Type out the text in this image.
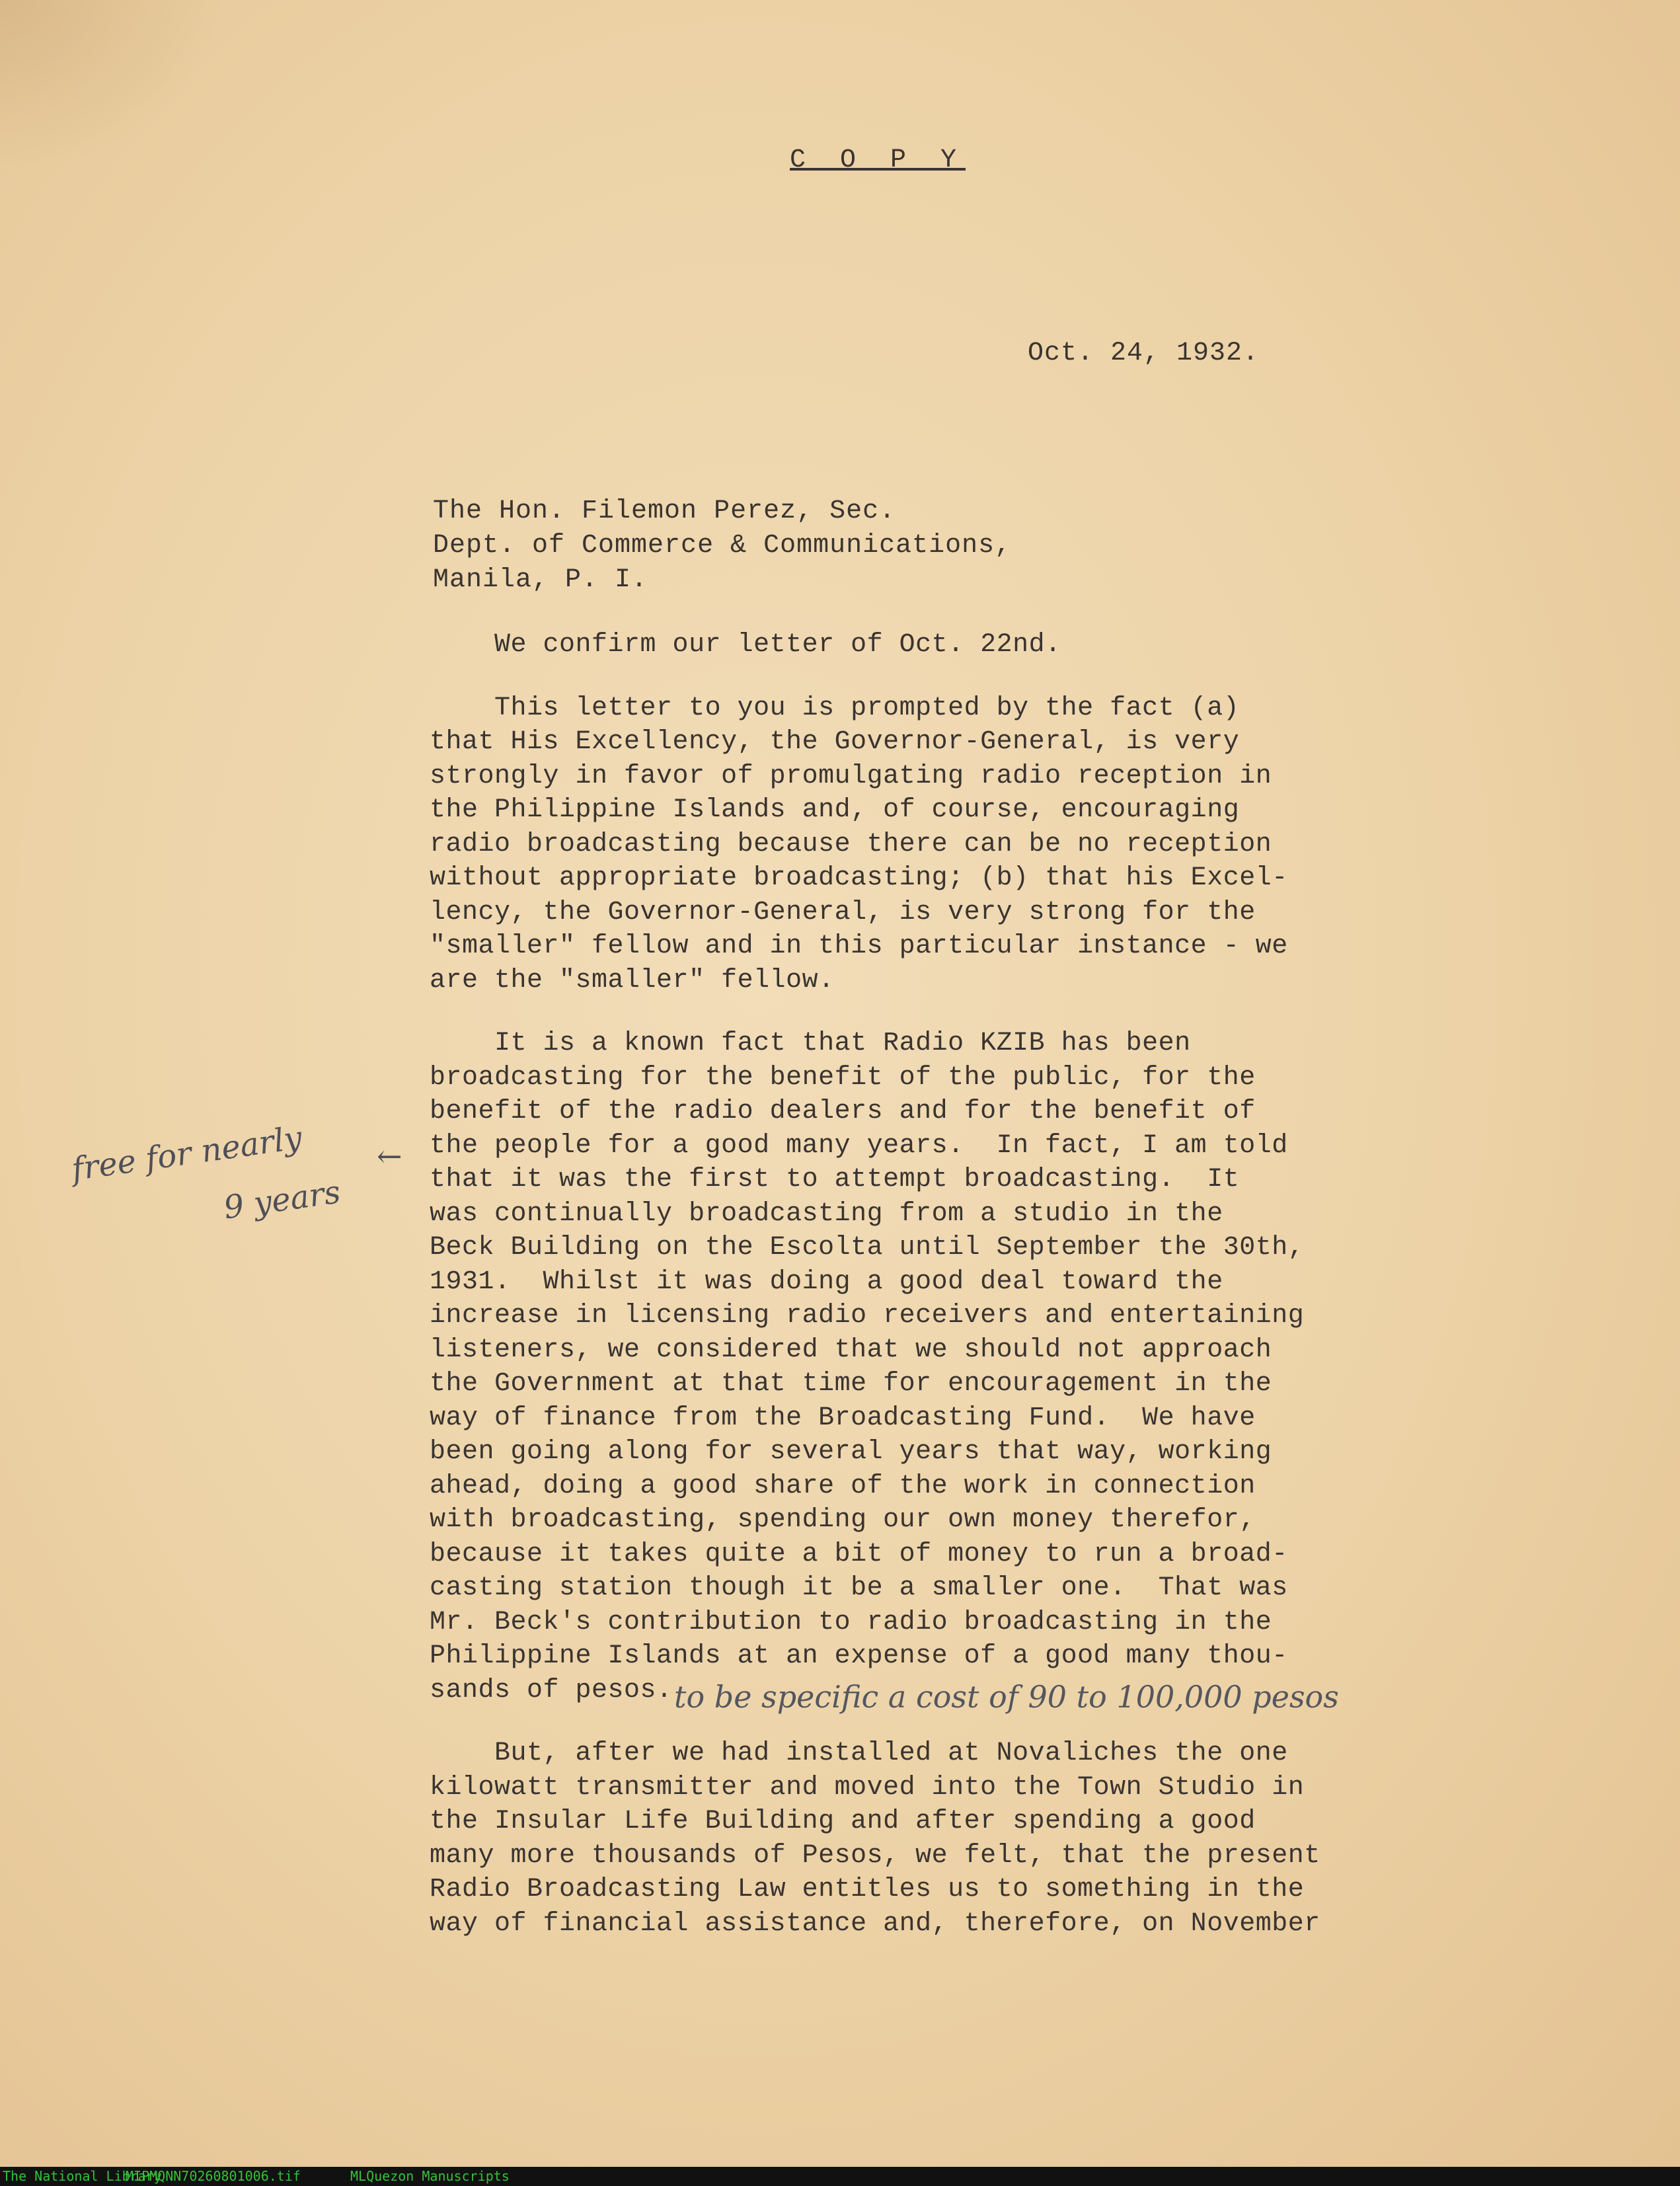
C O P Y
Oct. 24, 1932.
The Hon. Filemon Perez, Sec.
Dept. of Commerce & Communications,
Manila, P. I.

We confirm our letter of Oct. 22nd.

This letter to you is prompted by the fact (a)
that His Excellency, the Governor-General, is very
strongly in favor of promulgating radio reception in
the Philippine Islands and, of course, encouraging
radio broadcasting because there can be no reception
without appropriate broadcasting; (b) that his Excel-
lency, the Governor-General, is very strong for the
"smaller" fellow and in this particular instance - we
are the "smaller" fellow.

It is a known fact that Radio KZIB has been
broadcasting for the benefit of the public, for the
benefit of the radio dealers and for the benefit of
the people for a good many years.  In fact, I am told
that it was the first to attempt broadcasting.  It
was continually broadcasting from a studio in the
Beck Building on the Escolta until September the 30th,
1931.  Whilst it was doing a good deal toward the
increase in licensing radio receivers and entertaining
listeners, we considered that we should not approach
the Government at that time for encouragement in the
way of finance from the Broadcasting Fund.  We have
been going along for several years that way, working
ahead, doing a good share of the work in connection
with broadcasting, spending our own money therefor,
because it takes quite a bit of money to run a broad-
casting station though it be a smaller one.  That was
Mr. Beck's contribution to radio broadcasting in the
Philippine Islands at an expense of a good many thou-
sands of pesos.

But, after we had installed at Novaliches the one
kilowatt transmitter and moved into the Town Studio in
the Insular Life Building and after spending a good
many more thousands of Pesos, we felt, that the present
Radio Broadcasting Law entitles us to something in the
way of financial assistance and, therefore, on November

free for nearly
9 years
←
to be specific a cost of 90 to 100,000 pesos
The National Library
MIPMQNN70260801006.tif	MLQuezon Manuscripts
